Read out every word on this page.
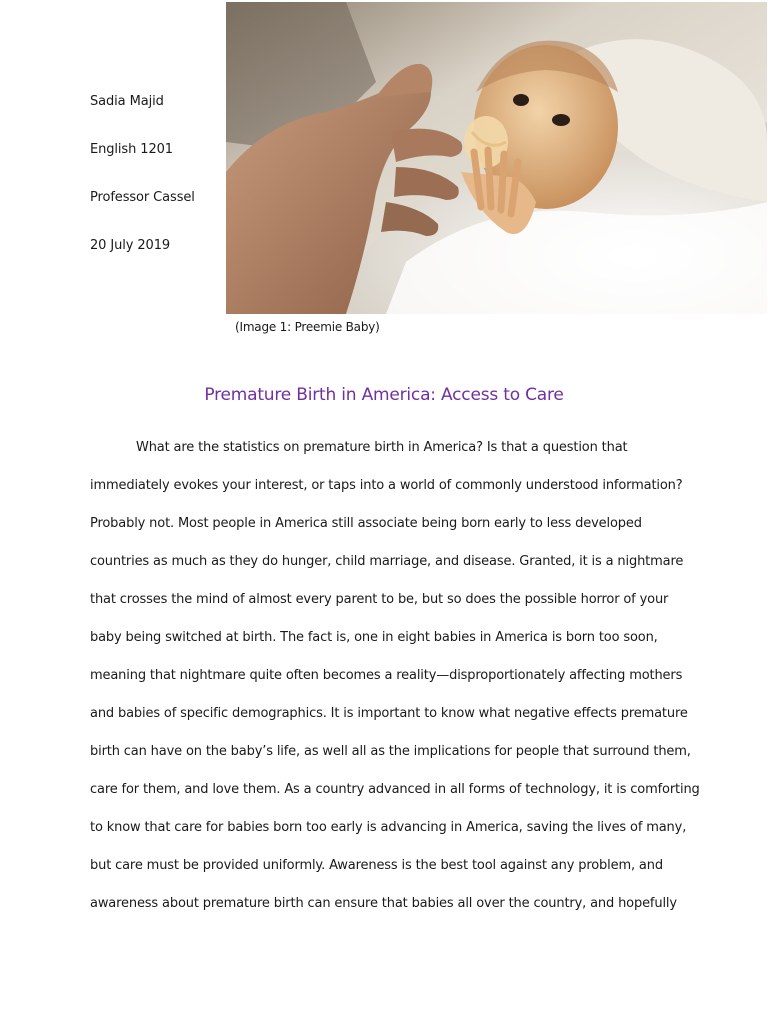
Sadia Majid
English 1201
Professor Cassel
20 July 2019
(Image 1: Preemie Baby)
Premature Birth in America: Access to Care
What are the statistics on premature birth in America? Is that a question that
immediately evokes your interest, or taps into a world of commonly understood information?
Probably not. Most people in America still associate being born early to less developed
countries as much as they do hunger, child marriage, and disease. Granted, it is a nightmare
that crosses the mind of almost every parent to be, but so does the possible horror of your
baby being switched at birth. The fact is, one in eight babies in America is born too soon,
meaning that nightmare quite often becomes a reality—disproportionately affecting mothers
and babies of specific demographics. It is important to know what negative effects premature
birth can have on the baby’s life, as well all as the implications for people that surround them,
care for them, and love them. As a country advanced in all forms of technology, it is comforting
to know that care for babies born too early is advancing in America, saving the lives of many,
but care must be provided uniformly. Awareness is the best tool against any problem, and
awareness about premature birth can ensure that babies all over the country, and hopefully
